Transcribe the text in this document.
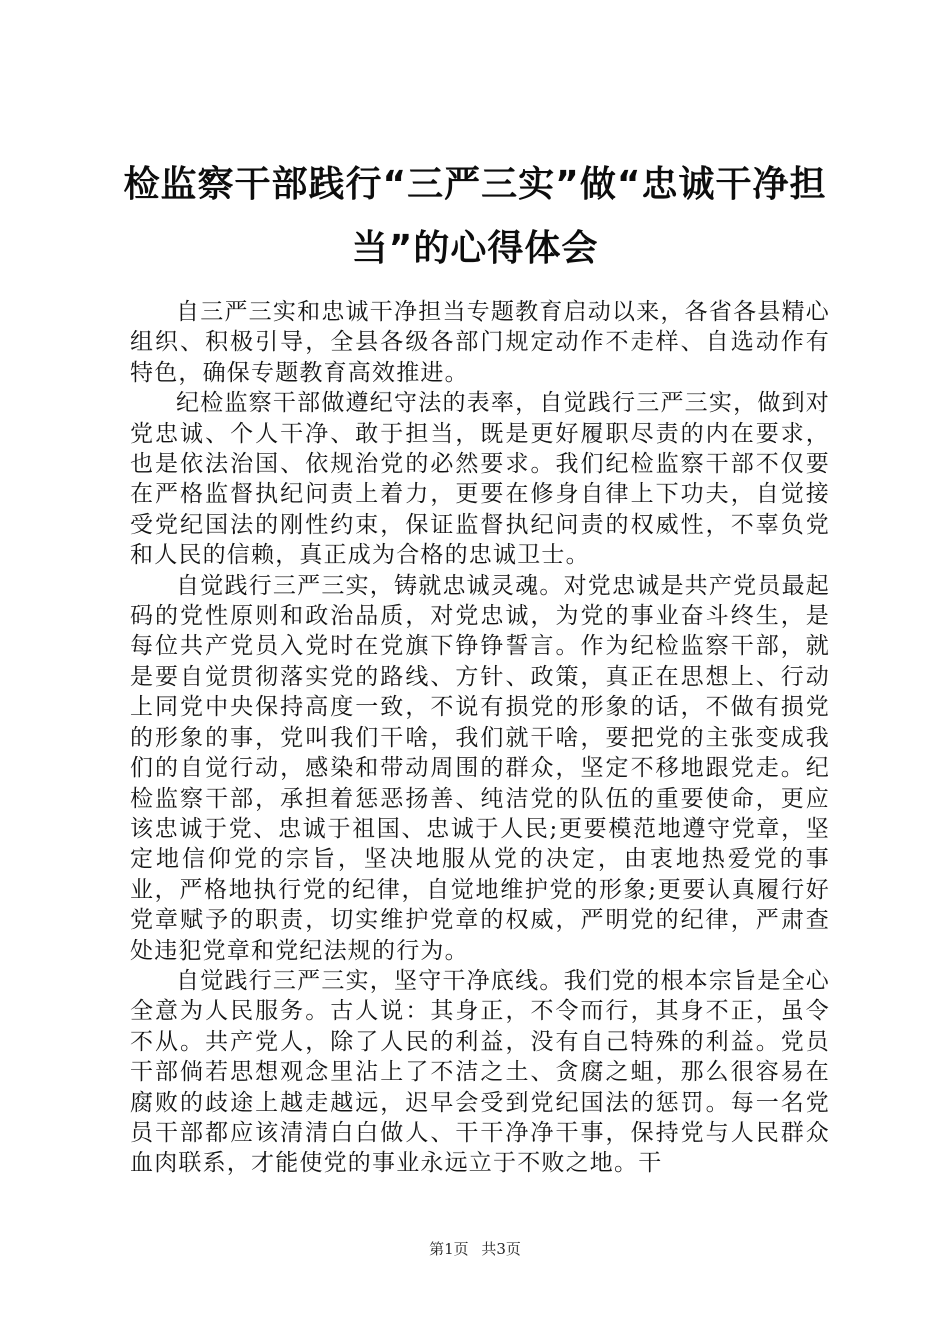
检监察干部践行“三严三实”做“忠诚干净担当”的心得体会

自三严三实和忠诚干净担当专题教育启动以来，各省各县精心组织、积极引导，全县各级各部门规定动作不走样、自选动作有特色，确保专题教育高效推进。

纪检监察干部做遵纪守法的表率，自觉践行三严三实，做到对党忠诚、个人干净、敢于担当，既是更好履职尽责的内在要求，也是依法治国、依规治党的必然要求。我们纪检监察干部不仅要在严格监督执纪问责上着力，更要在修身自律上下功夫，自觉接受党纪国法的刚性约束，保证监督执纪问责的权威性，不辜负党和人民的信赖，真正成为合格的忠诚卫士。

自觉践行三严三实，铸就忠诚灵魂。对党忠诚是共产党员最起码的党性原则和政治品质，对党忠诚，为党的事业奋斗终生，是每位共产党员入党时在党旗下铮铮誓言。作为纪检监察干部，就是要自觉贯彻落实党的路线、方针、政策，真正在思想上、行动上同党中央保持高度一致，不说有损党的形象的话，不做有损党的形象的事，党叫我们干啥，我们就干啥，要把党的主张变成我们的自觉行动，感染和带动周围的群众，坚定不移地跟党走。纪检监察干部，承担着惩恶扬善、纯洁党的队伍的重要使命，更应该忠诚于党、忠诚于祖国、忠诚于人民;更要模范地遵守党章，坚定地信仰党的宗旨，坚决地服从党的决定，由衷地热爱党的事业，严格地执行党的纪律，自觉地维护党的形象;更要认真履行好党章赋予的职责，切实维护党章的权威，严明党的纪律，严肃查处违犯党章和党纪法规的行为。

自觉践行三严三实，坚守干净底线。我们党的根本宗旨是全心全意为人民服务。古人说：其身正，不令而行，其身不正，虽令不从。共产党人，除了人民的利益，没有自己特殊的利益。党员干部倘若思想观念里沾上了不洁之土、贪腐之蛆，那么很容易在腐败的歧途上越走越远，迟早会受到党纪国法的惩罚。每一名党员干部都应该清清白白做人、干干净净干事，保持党与人民群众血肉联系，才能使党的事业永远立于不败之地。干

第1页 共3页
